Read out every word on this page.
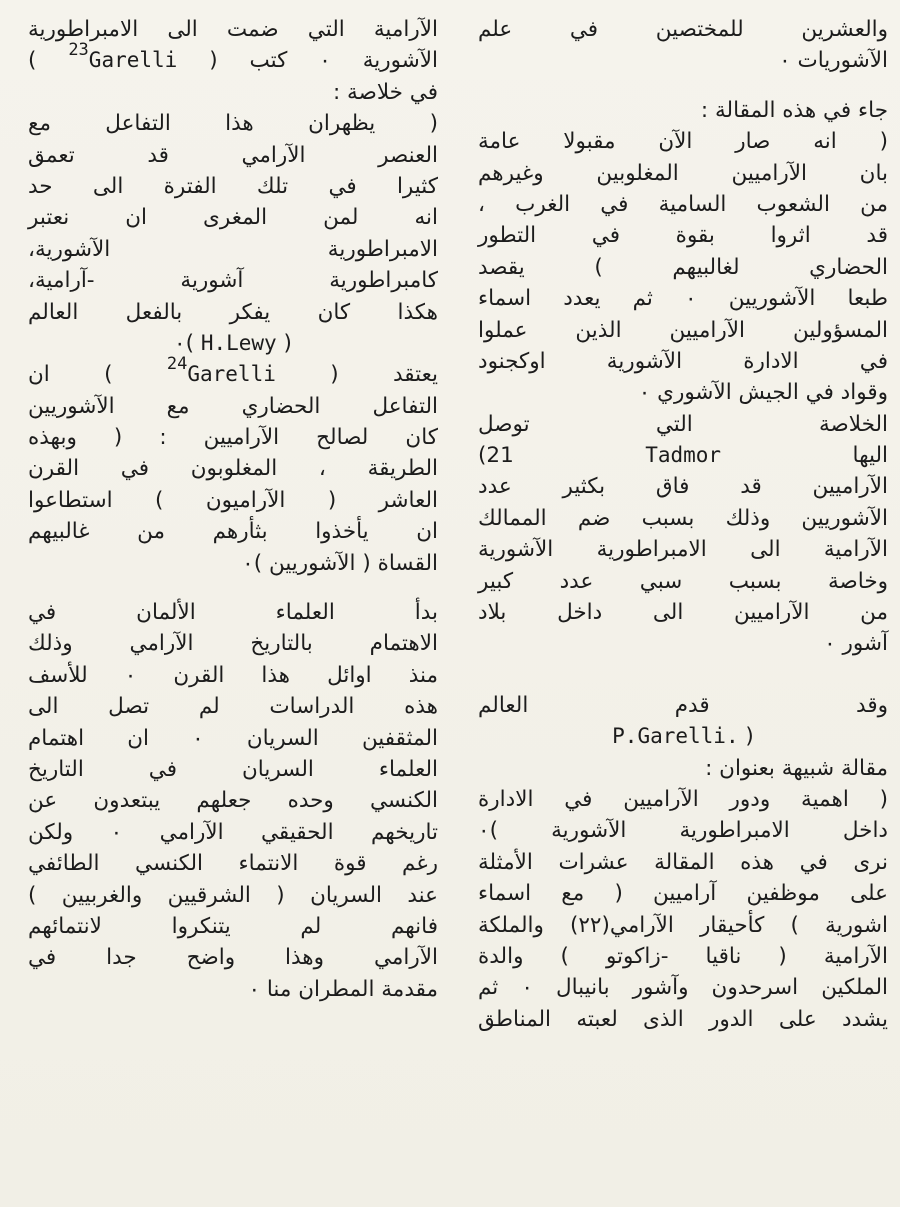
الآرامية التي ضمت الى الامبراطورية
الآشورية ٠ كتب ( Garelli$^{23}$ )
في خلاصة :
( يظهران هذا التفاعل مع
العنصر الآرامي قد تعمق
كثيرا في تلك الفترة الى حد
انه لمن المغرى ان نعتبر
الامبراطورية الآشورية،
كامبراطورية آشورية -آرامية،
هكذا كان يفكر بالفعل العالم
( H.Lewy )٠
يعتقد ( Garelli$^{24}$ ) ان
التفاعل الحضاري مع الآشوريين
كان لصالح الآراميين : ( وبهذه
الطريقة ، المغلوبون في القرن
العاشر ( الآراميون ) استطاعوا
ان يأخذوا بثأرهم من غالبيهم
القساة ( الآشوريين )٠
بدأ العلماء الألمان في
الاهتمام بالتاريخ الآرامي وذلك
منذ اوائل هذا القرن ٠ للأسف
هذه الدراسات لم تصل الى
المثقفين السريان ٠ ان اهتمام
العلماء السريان في التاريخ
الكنسي وحده جعلهم يبتعدون عن
تاريخهم الحقيقي الآرامي ٠ ولكن
رغم قوة الانتماء الكنسي الطائفي
عند السريان ( الشرقيين والغربيين )
فانهم لم يتنكروا لانتمائهم
الآرامي وهذا واضح جدا في
مقدمة المطران منا ٠
والعشرين للمختصين في علم
الآشوريات ٠
جاء في هذه المقالة :
( انه صار الآن مقبولا عامة
بان الآراميين المغلوبين وغيرهم
من الشعوب السامية في الغرب ،
قد اثروا بقوة في التطور
الحضاري لغالبيهم ) يقصد
طبعا الآشوريين ٠ ثم يعدد اسماء
المسؤولين الآراميين الذين عملوا
في الادارة الآشورية اوكجنود
وقواد في الجيش الآشوري ٠
الخلاصة التي توصل
اليها Tadmor 21)
الآراميين قد فاق بكثير عدد
الآشوريين وذلك بسبب ضم الممالك
الآرامية الى الامبراطورية الآشورية
وخاصة بسبب سبي عدد كبير
من الآراميين الى داخل بلاد
آشور ٠
وقد قدم العالم
( P.Garelli.
مقالة شبيهة بعنوان :
( اهمية ودور الآراميين في الادارة
داخل الامبراطورية الآشورية )٠
نرى في هذه المقالة عشرات الأمثلة
على موظفين آراميين ( مع اسماء
اشورية ) كأحيقار الآرامي(٢٢) والملكة
الآرامية ( ناقيا -زاكوتو ) والدة
الملكين اسرحدون وآشور بانيبال ٠ ثم
يشدد على الدور الذى لعبته المناطق
